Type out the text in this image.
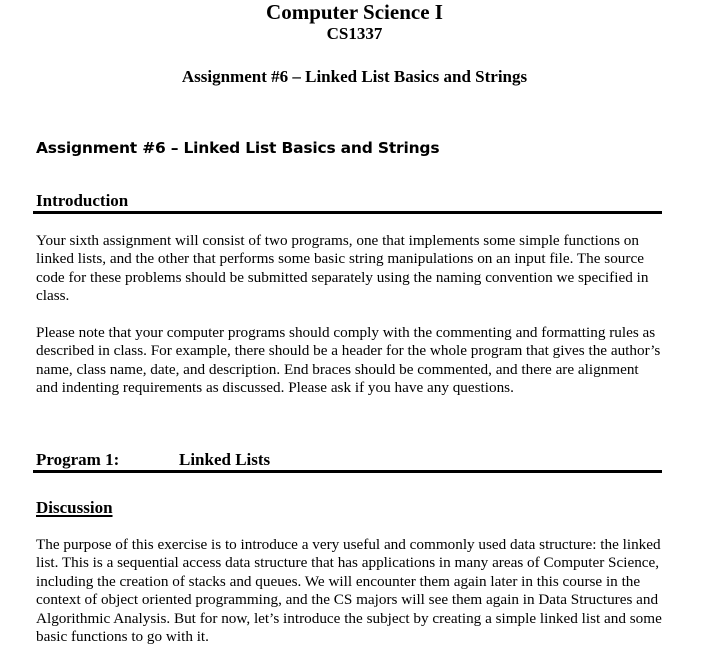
Computer Science I
CS1337
Assignment #6 – Linked List Basics and Strings
Assignment #6 – Linked List Basics and Strings
Introduction

Your sixth assignment will consist of two programs, one that implements some simple functions on linked lists, and the other that performs some basic string manipulations on an input file. The source code for these problems should be submitted separately using the naming convention we specified in class.

Please note that your computer programs should comply with the commenting and formatting rules as described in class. For example, there should be a header for the whole program that gives the author’s name, class name, date, and description. End braces should be commented, and there are alignment and indenting requirements as discussed. Please ask if you have any questions.

Program 1:	Linked Lists
Discussion

The purpose of this exercise is to introduce a very useful and commonly used data structure: the linked list. This is a sequential access data structure that has applications in many areas of Computer Science, including the creation of stacks and queues. We will encounter them again later in this course in the context of object oriented programming, and the CS majors will see them again in Data Structures and Algorithmic Analysis. But for now, let’s introduce the subject by creating a simple linked list and some basic functions to go with it.
